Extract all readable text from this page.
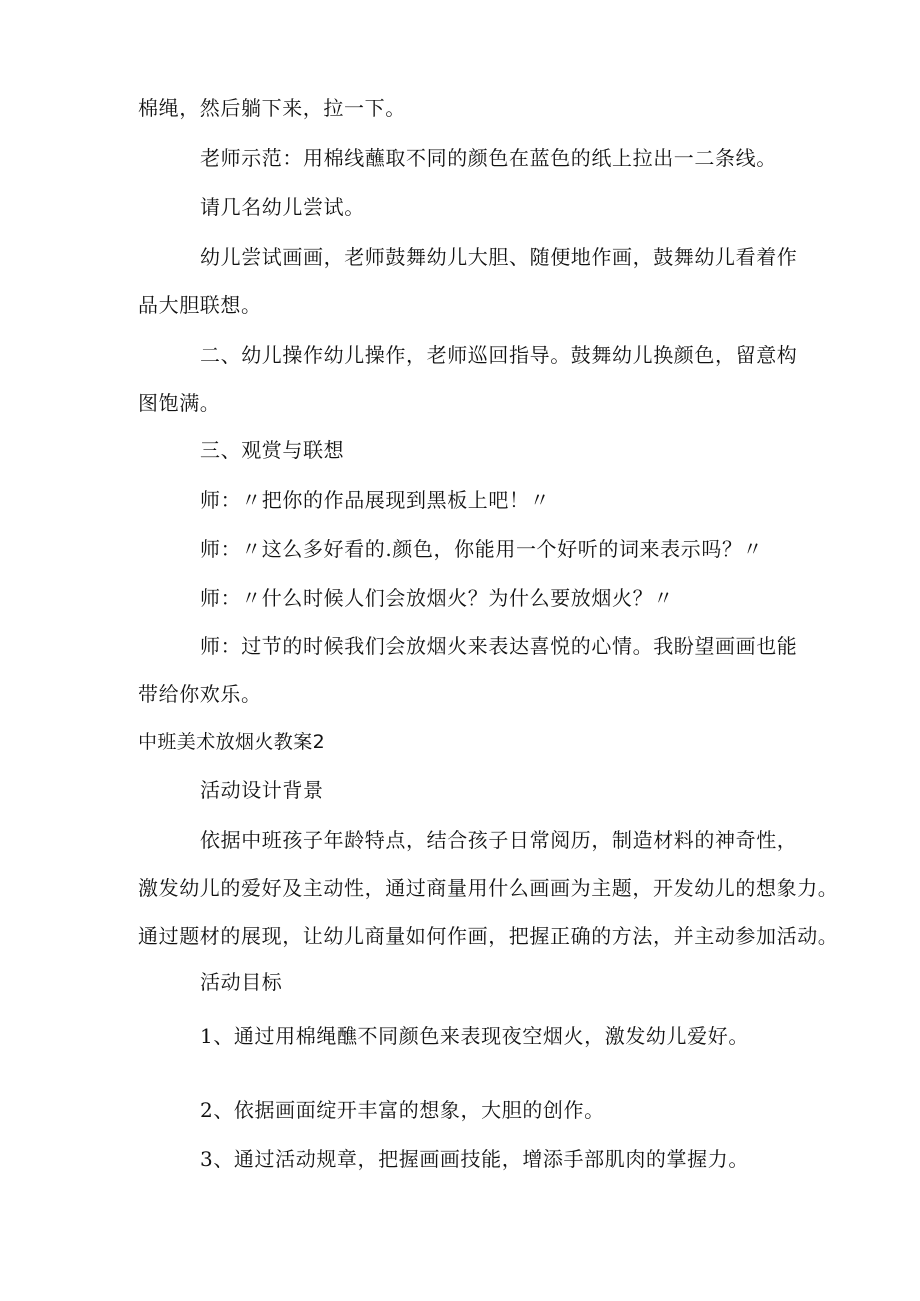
棉绳，然后躺下来，拉一下。
老师示范：用棉线蘸取不同的颜色在蓝色的纸上拉出一二条线。
请几名幼儿尝试。
幼儿尝试画画，老师鼓舞幼儿大胆、随便地作画，鼓舞幼儿看着作
品大胆联想。
二、幼儿操作幼儿操作，老师巡回指导。鼓舞幼儿换颜色，留意构
图饱满。
三、观赏与联想
师：〃把你的作品展现到黑板上吧！〃
师：〃这么多好看的.颜色，你能用一个好听的词来表示吗？〃
师：〃什么时候人们会放烟火？为什么要放烟火？〃
师：过节的时候我们会放烟火来表达喜悦的心情。我盼望画画也能
带给你欢乐。
中班美术放烟火教案2
活动设计背景
依据中班孩子年龄特点，结合孩子日常阅历，制造材料的神奇性，
激发幼儿的爱好及主动性，通过商量用什么画画为主题，开发幼儿的想象力。
通过题材的展现，让幼儿商量如何作画，把握正确的方法，并主动参加活动。
活动目标
1、通过用棉绳醮不同颜色来表现夜空烟火，激发幼儿爱好。
2、依据画面绽开丰富的想象，大胆的创作。
3、通过活动规章，把握画画技能，增添手部肌肉的掌握力。
